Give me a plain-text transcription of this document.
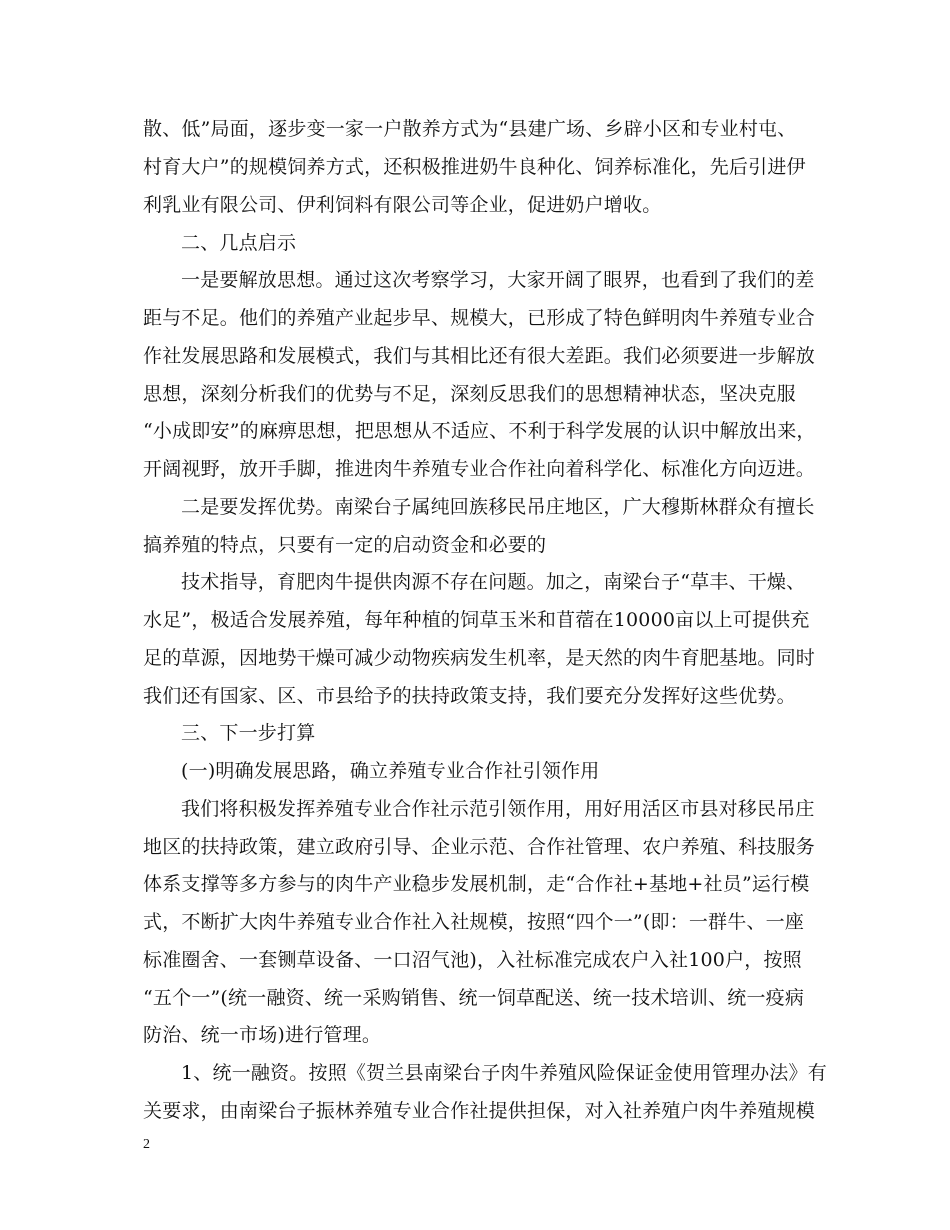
散、低”局面，逐步变一家一户散养方式为“县建广场、乡辟小区和专业村屯、
村育大户”的规模饲养方式，还积极推进奶牛良种化、饲养标准化，先后引进伊
利乳业有限公司、伊利饲料有限公司等企业，促进奶户增收。
二、几点启示
一是要解放思想。通过这次考察学习，大家开阔了眼界，也看到了我们的差
距与不足。他们的养殖产业起步早、规模大，已形成了特色鲜明肉牛养殖专业合
作社发展思路和发展模式，我们与其相比还有很大差距。我们必须要进一步解放
思想，深刻分析我们的优势与不足，深刻反思我们的思想精神状态，坚决克服
“小成即安”的麻痹思想，把思想从不适应、不利于科学发展的认识中解放出来，
开阔视野，放开手脚，推进肉牛养殖专业合作社向着科学化、标准化方向迈进。
二是要发挥优势。南梁台子属纯回族移民吊庄地区，广大穆斯林群众有擅长
搞养殖的特点，只要有一定的启动资金和必要的
技术指导，育肥肉牛提供肉源不存在问题。加之，南梁台子“草丰、干燥、
水足”，极适合发展养殖，每年种植的饲草玉米和苜蓿在10000亩以上可提供充
足的草源，因地势干燥可减少动物疾病发生机率，是天然的肉牛育肥基地。同时
我们还有国家、区、市县给予的扶持政策支持，我们要充分发挥好这些优势。
三、下一步打算
(一)明确发展思路，确立养殖专业合作社引领作用
我们将积极发挥养殖专业合作社示范引领作用，用好用活区市县对移民吊庄
地区的扶持政策，建立政府引导、企业示范、合作社管理、农户养殖、科技服务
体系支撑等多方参与的肉牛产业稳步发展机制，走“合作社+基地+社员”运行模
式，不断扩大肉牛养殖专业合作社入社规模，按照“四个一”(即：一群牛、一座
标准圈舍、一套铡草设备、一口沼气池)，入社标准完成农户入社100户，按照
“五个一”(统一融资、统一采购销售、统一饲草配送、统一技术培训、统一疫病
防治、统一市场)进行管理。
1、统一融资。按照《贺兰县南梁台子肉牛养殖风险保证金使用管理办法》有
关要求，由南梁台子振林养殖专业合作社提供担保，对入社养殖户肉牛养殖规模
2
